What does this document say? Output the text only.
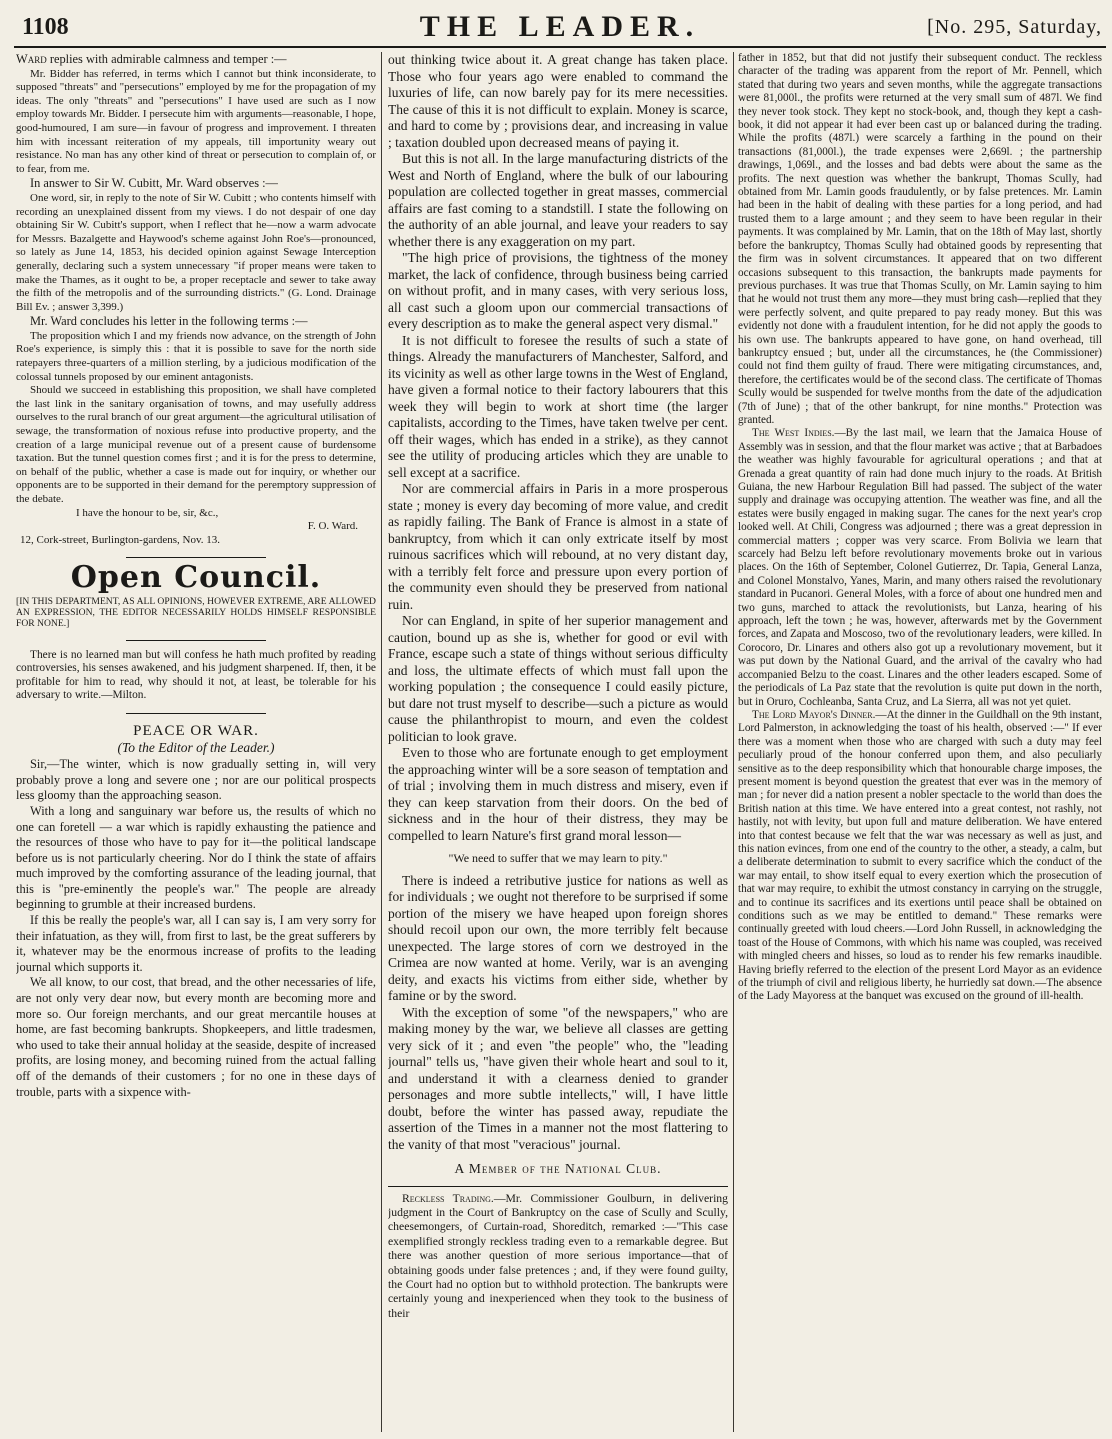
1108	THE LEADER.	[No. 295, Saturday,

Ward replies with admirable calmness and temper :—

Mr. Bidder has referred, in terms which I cannot but think inconsiderate, to supposed "threats" and "persecutions" employed by me for the propagation of my ideas. The only "threats" and "persecutions" I have used are such as I now employ towards Mr. Bidder. I persecute him with arguments—reasonable, I hope, good-humoured, I am sure—in favour of progress and improvement. I threaten him with incessant reiteration of my appeals, till importunity weary out resistance. No man has any other kind of threat or persecution to complain of, or to fear, from me.

In answer to Sir W. Cubitt, Mr. Ward observes :—

One word, sir, in reply to the note of Sir W. Cubitt ; who contents himself with recording an unexplained dissent from my views. I do not despair of one day obtaining Sir W. Cubitt's support, when I reflect that he—now a warm advocate for Messrs. Bazalgette and Haywood's scheme against John Roe's—pronounced, so lately as June 14, 1853, his decided opinion against Sewage Interception generally, declaring such a system unnecessary "if proper means were taken to make the Thames, as it ought to be, a proper receptacle and sewer to take away the filth of the metropolis and of the surrounding districts." (G. Lond. Drainage Bill Ev. ; answer 3,399.)

Mr. Ward concludes his letter in the following terms :—

The proposition which I and my friends now advance, on the strength of John Roe's experience, is simply this : that it is possible to save for the north side ratepayers three-quarters of a million sterling, by a judicious modification of the colossal tunnels proposed by our eminent antagonists.

Should we succeed in establishing this proposition, we shall have completed the last link in the sanitary organisation of towns, and may usefully address ourselves to the rural branch of our great argument—the agricultural utilisation of sewage, the transformation of noxious refuse into productive property, and the creation of a large municipal revenue out of a present cause of burdensome taxation. But the tunnel question comes first ; and it is for the press to determine, on behalf of the public, whether a case is made out for inquiry, or whether our opponents are to be supported in their demand for the peremptory suppression of the debate.

I have the honour to be, sir, &c.,

F. O. Ward.

12, Cork-street, Burlington-gardens, Nov. 13.

Open Council.

[IN THIS DEPARTMENT, AS ALL OPINIONS, HOWEVER EXTREME, ARE ALLOWED AN EXPRESSION, THE EDITOR NECESSARILY HOLDS HIMSELF RESPONSIBLE FOR NONE.]

There is no learned man but will confess he hath much profited by reading controversies, his senses awakened, and his judgment sharpened. If, then, it be profitable for him to read, why should it not, at least, be tolerable for his adversary to write.—Milton.

PEACE OR WAR.

(To the Editor of the Leader.)

Sir,—The winter, which is now gradually setting in, will very probably prove a long and severe one ; nor are our political prospects less gloomy than the approaching season.

With a long and sanguinary war before us, the results of which no one can foretell — a war which is rapidly exhausting the patience and the resources of those who have to pay for it—the political landscape before us is not particularly cheering. Nor do I think the state of affairs much improved by the comforting assurance of the leading journal, that this is "pre-eminently the people's war." The people are already beginning to grumble at their increased burdens.

If this be really the people's war, all I can say is, I am very sorry for their infatuation, as they will, from first to last, be the great sufferers by it, whatever may be the enormous increase of profits to the leading journal which supports it.

We all know, to our cost, that bread, and the other necessaries of life, are not only very dear now, but every month are becoming more and more so. Our foreign merchants, and our great mercantile houses at home, are fast becoming bankrupts. Shopkeepers, and little tradesmen, who used to take their annual holiday at the seaside, despite of increased profits, are losing money, and becoming ruined from the actual falling off of the demands of their customers ; for no one in these days of trouble, parts with a sixpence with-

out thinking twice about it. A great change has taken place. Those who four years ago were enabled to command the luxuries of life, can now barely pay for its mere necessities. The cause of this it is not difficult to explain. Money is scarce, and hard to come by ; provisions dear, and increasing in value ; taxation doubled upon decreased means of paying it.

But this is not all. In the large manufacturing districts of the West and North of England, where the bulk of our labouring population are collected together in great masses, commercial affairs are fast coming to a standstill. I state the following on the authority of an able journal, and leave your readers to say whether there is any exaggeration on my part.

"The high price of provisions, the tightness of the money market, the lack of confidence, through business being carried on without profit, and in many cases, with very serious loss, all cast such a gloom upon our commercial transactions of every description as to make the general aspect very dismal."

It is not difficult to foresee the results of such a state of things. Already the manufacturers of Manchester, Salford, and its vicinity as well as other large towns in the West of England, have given a formal notice to their factory labourers that this week they will begin to work at short time (the larger capitalists, according to the Times, have taken twelve per cent. off their wages, which has ended in a strike), as they cannot see the utility of producing articles which they are unable to sell except at a sacrifice.

Nor are commercial affairs in Paris in a more prosperous state ; money is every day becoming of more value, and credit as rapidly failing. The Bank of France is almost in a state of bankruptcy, from which it can only extricate itself by most ruinous sacrifices which will rebound, at no very distant day, with a terribly felt force and pressure upon every portion of the community even should they be preserved from national ruin.

Nor can England, in spite of her superior management and caution, bound up as she is, whether for good or evil with France, escape such a state of things without serious difficulty and loss, the ultimate effects of which must fall upon the working population ; the consequence I could easily picture, but dare not trust myself to describe—such a picture as would cause the philanthropist to mourn, and even the coldest politician to look grave.

Even to those who are fortunate enough to get employment the approaching winter will be a sore season of temptation and of trial ; involving them in much distress and misery, even if they can keep starvation from their doors. On the bed of sickness and in the hour of their distress, they may be compelled to learn Nature's first grand moral lesson—

"We need to suffer that we may learn to pity."

There is indeed a retributive justice for nations as well as for individuals ; we ought not therefore to be surprised if some portion of the misery we have heaped upon foreign shores should recoil upon our own, the more terribly felt because unexpected. The large stores of corn we destroyed in the Crimea are now wanted at home. Verily, war is an avenging deity, and exacts his victims from either side, whether by famine or by the sword.

With the exception of some "of the newspapers," who are making money by the war, we believe all classes are getting very sick of it ; and even "the people" who, the "leading journal" tells us, "have given their whole heart and soul to it, and understand it with a clearness denied to grander personages and more subtle intellects," will, I have little doubt, before the winter has passed away, repudiate the assertion of the Times in a manner not the most flattering to the vanity of that most "veracious" journal.

A Member of the National Club.

Reckless Trading.—Mr. Commissioner Goulburn, in delivering judgment in the Court of Bankruptcy on the case of Scully and Scully, cheesemongers, of Curtain-road, Shoreditch, remarked :—"This case exemplified strongly reckless trading even to a remarkable degree. But there was another question of more serious importance—that of obtaining goods under false pretences ; and, if they were found guilty, the Court had no option but to withhold protection. The bankrupts were certainly young and inexperienced when they took to the business of their

father in 1852, but that did not justify their subsequent conduct. The reckless character of the trading was apparent from the report of Mr. Pennell, which stated that during two years and seven months, while the aggregate transactions were 81,000l., the profits were returned at the very small sum of 487l. We find they never took stock. They kept no stock-book, and, though they kept a cash-book, it did not appear it had ever been cast up or balanced during the trading. While the profits (487l.) were scarcely a farthing in the pound on their transactions (81,000l.), the trade expenses were 2,669l. ; the partnership drawings, 1,069l., and the losses and bad debts were about the same as the profits. The next question was whether the bankrupt, Thomas Scully, had obtained from Mr. Lamin goods fraudulently, or by false pretences. Mr. Lamin had been in the habit of dealing with these parties for a long period, and had trusted them to a large amount ; and they seem to have been regular in their payments. It was complained by Mr. Lamin, that on the 18th of May last, shortly before the bankruptcy, Thomas Scully had obtained goods by representing that the firm was in solvent circumstances. It appeared that on two different occasions subsequent to this transaction, the bankrupts made payments for previous purchases. It was true that Thomas Scully, on Mr. Lamin saying to him that he would not trust them any more—they must bring cash—replied that they were perfectly solvent, and quite prepared to pay ready money. But this was evidently not done with a fraudulent intention, for he did not apply the goods to his own use. The bankrupts appeared to have gone, on hand overhead, till bankruptcy ensued ; but, under all the circumstances, he (the Commissioner) could not find them guilty of fraud. There were mitigating circumstances, and, therefore, the certificates would be of the second class. The certificate of Thomas Scully would be suspended for twelve months from the date of the adjudication (7th of June) ; that of the other bankrupt, for nine months." Protection was granted.

The West Indies.—By the last mail, we learn that the Jamaica House of Assembly was in session, and that the flour market was active ; that at Barbadoes the weather was highly favourable for agricultural operations ; and that at Grenada a great quantity of rain had done much injury to the roads. At British Guiana, the new Harbour Regulation Bill had passed. The subject of the water supply and drainage was occupying attention. The weather was fine, and all the estates were busily engaged in making sugar. The canes for the next year's crop looked well. At Chili, Congress was adjourned ; there was a great depression in commercial matters ; copper was very scarce. From Bolivia we learn that scarcely had Belzu left before revolutionary movements broke out in various places. On the 16th of September, Colonel Gutierrez, Dr. Tapia, General Lanza, and Colonel Monstalvo, Yanes, Marin, and many others raised the revolutionary standard in Pucanori. General Moles, with a force of about one hundred men and two guns, marched to attack the revolutionists, but Lanza, hearing of his approach, left the town ; he was, however, afterwards met by the Government forces, and Zapata and Moscoso, two of the revolutionary leaders, were killed. In Corocoro, Dr. Linares and others also got up a revolutionary movement, but it was put down by the National Guard, and the arrival of the cavalry who had accompanied Belzu to the coast. Linares and the other leaders escaped. Some of the periodicals of La Paz state that the revolution is quite put down in the north, but in Oruro, Cochleanba, Santa Cruz, and La Sierra, all was not yet quiet.

The Lord Mayor's Dinner.—At the dinner in the Guildhall on the 9th instant, Lord Palmerston, in acknowledging the toast of his health, observed :—" If ever there was a moment when those who are charged with such a duty may feel peculiarly proud of the honour conferred upon them, and also peculiarly sensitive as to the deep responsibility which that honourable charge imposes, the present moment is beyond question the greatest that ever was in the memory of man ; for never did a nation present a nobler spectacle to the world than does the British nation at this time. We have entered into a great contest, not rashly, not hastily, not with levity, but upon full and mature deliberation. We have entered into that contest because we felt that the war was necessary as well as just, and this nation evinces, from one end of the country to the other, a steady, a calm, but a deliberate determination to submit to every sacrifice which the conduct of the war may entail, to show itself equal to every exertion which the prosecution of that war may require, to exhibit the utmost constancy in carrying on the struggle, and to continue its sacrifices and its exertions until peace shall be obtained on conditions such as we may be entitled to demand." These remarks were continually greeted with loud cheers.—Lord John Russell, in acknowledging the toast of the House of Commons, with which his name was coupled, was received with mingled cheers and hisses, so loud as to render his few remarks inaudible. Having briefly referred to the election of the present Lord Mayor as an evidence of the triumph of civil and religious liberty, he hurriedly sat down.—The absence of the Lady Mayoress at the banquet was excused on the ground of ill-health.
